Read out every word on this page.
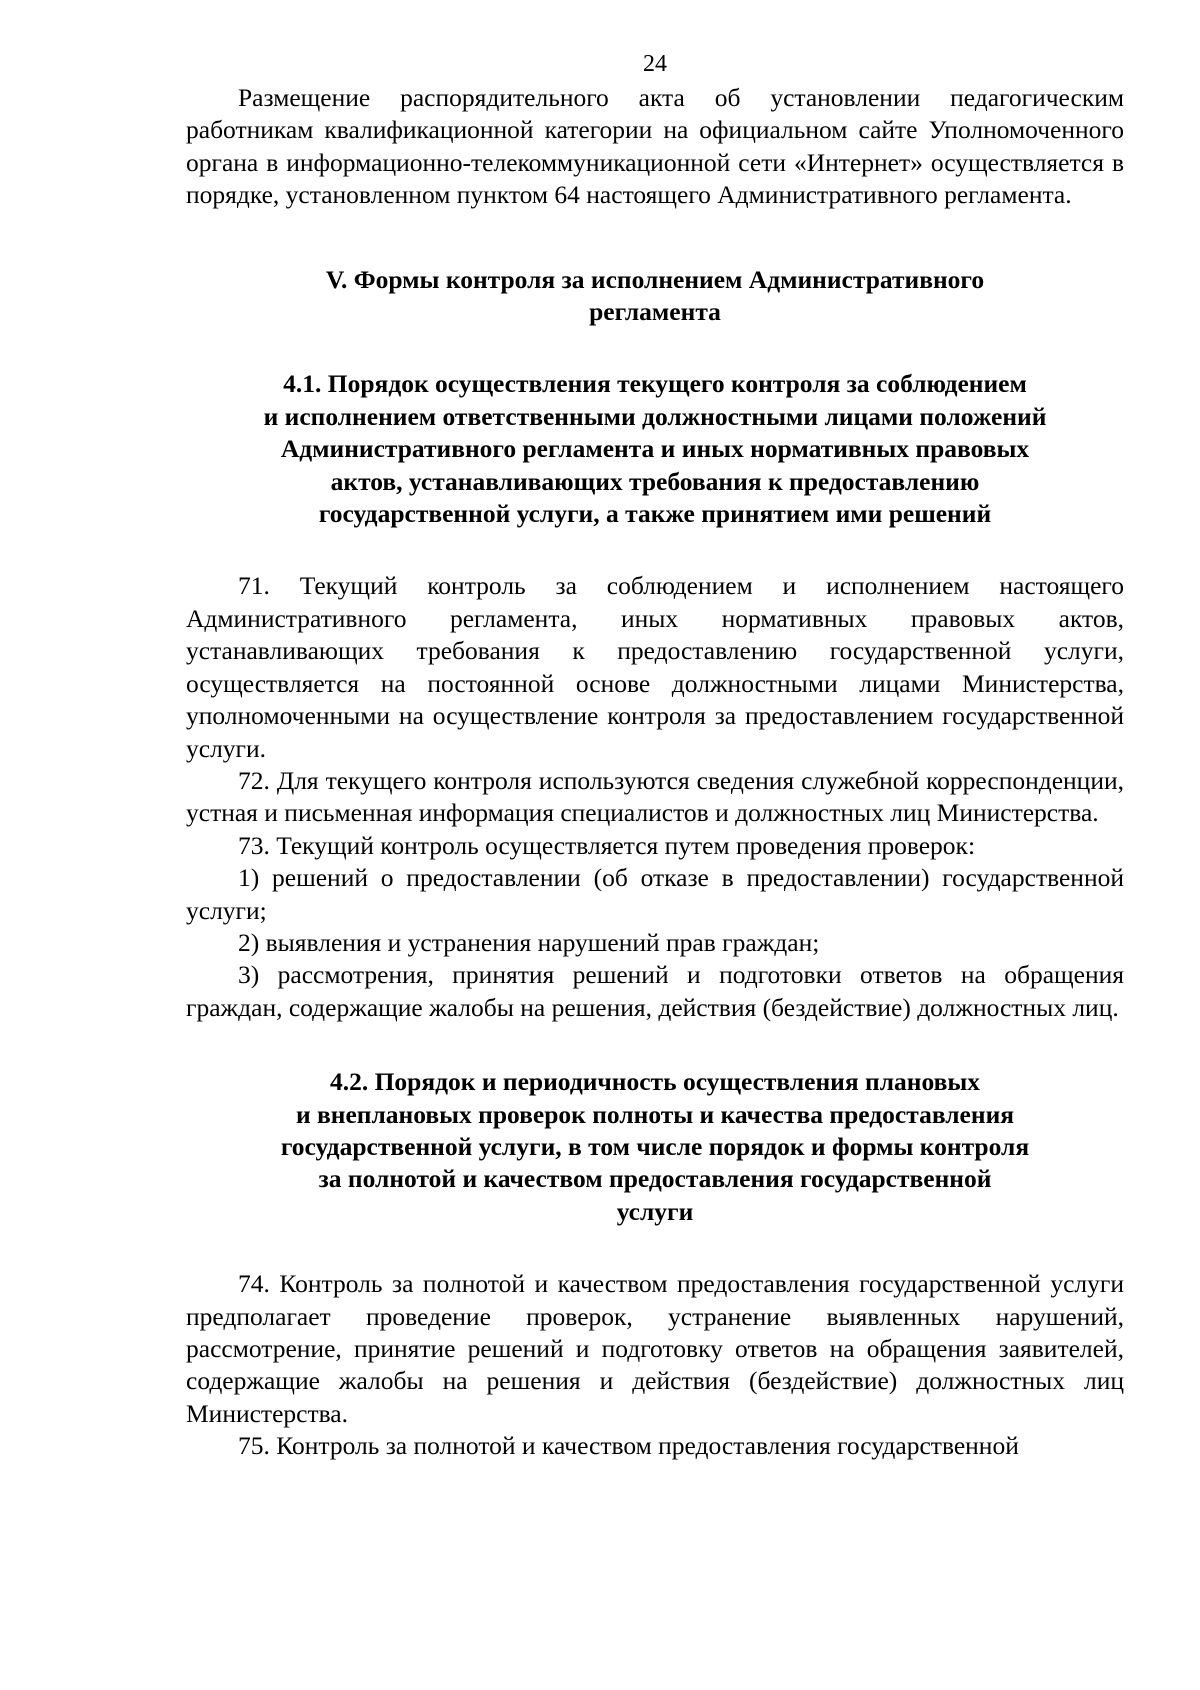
24

Размещение распорядительного акта об установлении педагогическим работникам квалификационной категории на официальном сайте Уполномоченного органа в информационно-телекоммуникационной сети «Интернет» осуществляется в порядке, установленном пунктом 64 настоящего Административного регламента.

V. Формы контроля за исполнением Административного
регламента
4.1. Порядок осуществления текущего контроля за соблюдением
и исполнением ответственными должностными лицами положений
Административного регламента и иных нормативных правовых
актов, устанавливающих требования к предоставлению
государственной услуги, а также принятием ими решений

71. Текущий контроль за соблюдением и исполнением настоящего Административного регламента, иных нормативных правовых актов, устанавливающих требования к предоставлению государственной услуги, осуществляется на постоянной основе должностными лицами Министерства, уполномоченными на осуществление контроля за предоставлением государственной услуги.

72. Для текущего контроля используются сведения служебной корреспонденции, устная и письменная информация специалистов и должностных лиц Министерства.

73. Текущий контроль осуществляется путем проведения проверок:

1) решений о предоставлении (об отказе в предоставлении) государственной услуги;

2) выявления и устранения нарушений прав граждан;

3) рассмотрения, принятия решений и подготовки ответов на обращения граждан, содержащие жалобы на решения, действия (бездействие) должностных лиц.

4.2. Порядок и периодичность осуществления плановых
и внеплановых проверок полноты и качества предоставления
государственной услуги, в том числе порядок и формы контроля
за полнотой и качеством предоставления государственной
услуги

74. Контроль за полнотой и качеством предоставления государственной услуги предполагает проведение проверок, устранение выявленных нарушений, рассмотрение, принятие решений и подготовку ответов на обращения заявителей, содержащие жалобы на решения и действия (бездействие) должностных лиц Министерства.

75. Контроль за полнотой и качеством предоставления государственной
